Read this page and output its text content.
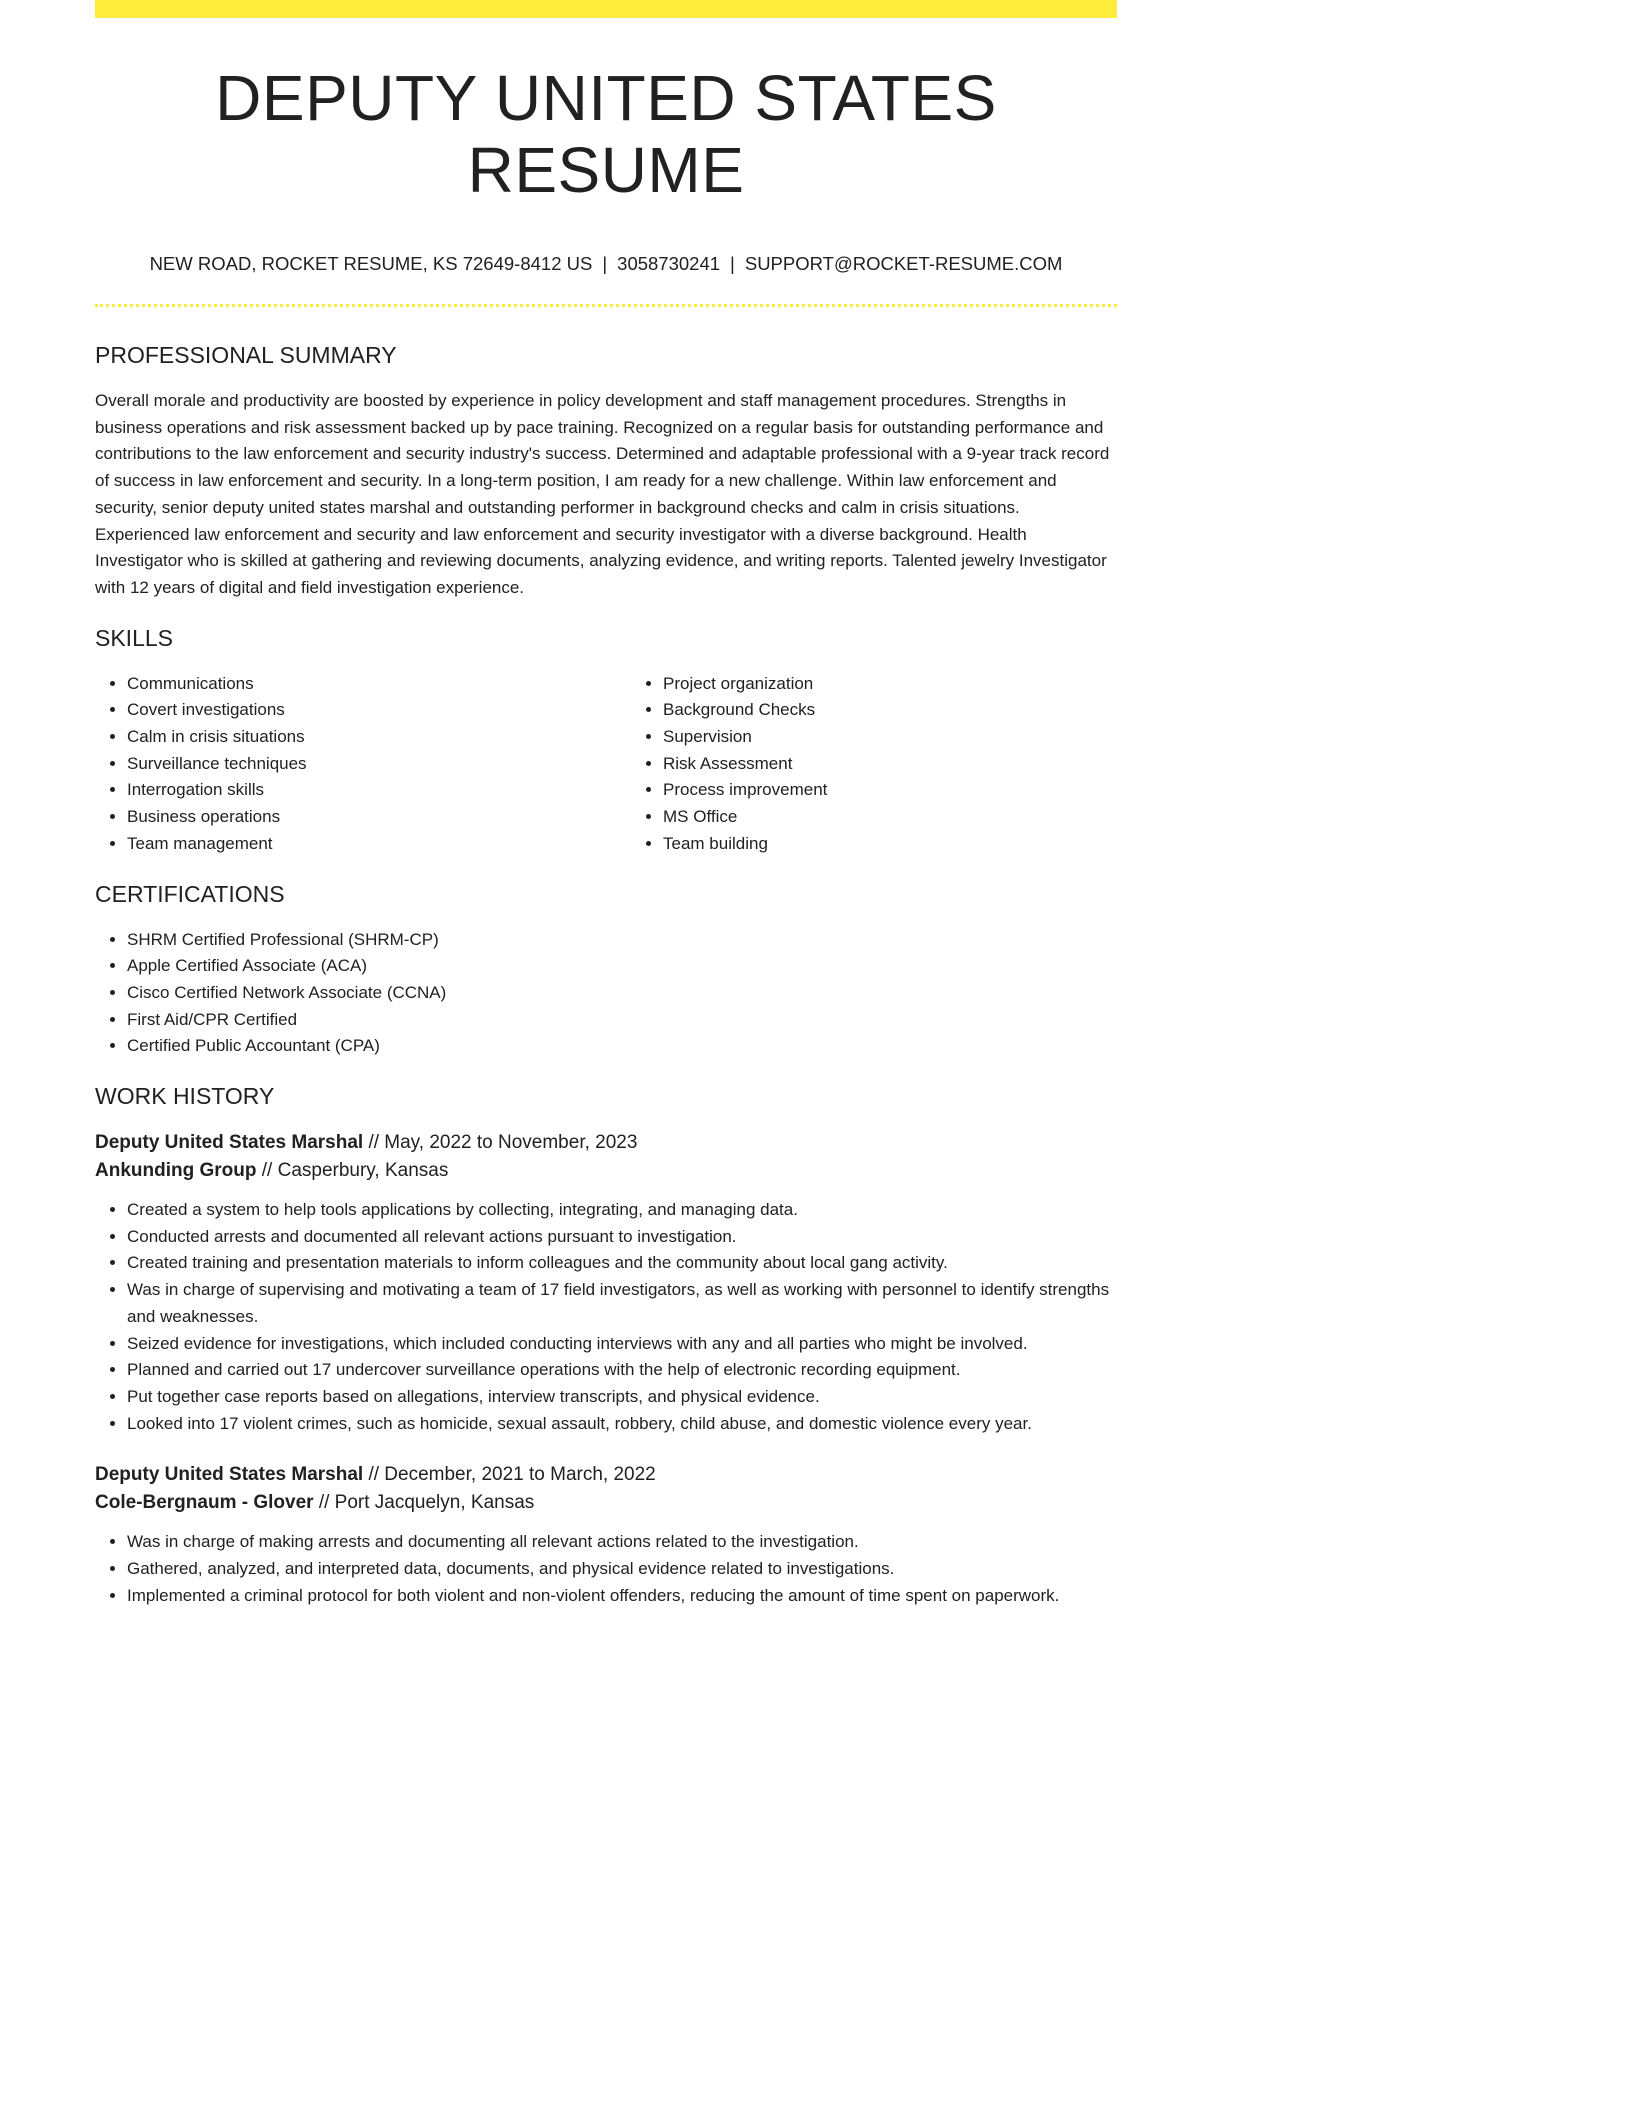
DEPUTY UNITED STATES RESUME
NEW ROAD, ROCKET RESUME, KS 72649-8412 US | 3058730241 | SUPPORT@ROCKET-RESUME.COM
PROFESSIONAL SUMMARY
Overall morale and productivity are boosted by experience in policy development and staff management procedures. Strengths in business operations and risk assessment backed up by pace training. Recognized on a regular basis for outstanding performance and contributions to the law enforcement and security industry's success. Determined and adaptable professional with a 9-year track record of success in law enforcement and security. In a long-term position, I am ready for a new challenge. Within law enforcement and security, senior deputy united states marshal and outstanding performer in background checks and calm in crisis situations. Experienced law enforcement and security and law enforcement and security investigator with a diverse background. Health Investigator who is skilled at gathering and reviewing documents, analyzing evidence, and writing reports. Talented jewelry Investigator with 12 years of digital and field investigation experience.
SKILLS
• Communications
• Covert investigations
• Calm in crisis situations
• Surveillance techniques
• Interrogation skills
• Business operations
• Team management
• Project organization
• Background Checks
• Supervision
• Risk Assessment
• Process improvement
• MS Office
• Team building
CERTIFICATIONS
• SHRM Certified Professional (SHRM-CP)
• Apple Certified Associate (ACA)
• Cisco Certified Network Associate (CCNA)
• First Aid/CPR Certified
• Certified Public Accountant (CPA)
WORK HISTORY
Deputy United States Marshal // May, 2022 to November, 2023
Ankunding Group // Casperbury, Kansas
• Created a system to help tools applications by collecting, integrating, and managing data.
• Conducted arrests and documented all relevant actions pursuant to investigation.
• Created training and presentation materials to inform colleagues and the community about local gang activity.
• Was in charge of supervising and motivating a team of 17 field investigators, as well as working with personnel to identify strengths and weaknesses.
• Seized evidence for investigations, which included conducting interviews with any and all parties who might be involved.
• Planned and carried out 17 undercover surveillance operations with the help of electronic recording equipment.
• Put together case reports based on allegations, interview transcripts, and physical evidence.
• Looked into 17 violent crimes, such as homicide, sexual assault, robbery, child abuse, and domestic violence every year.
Deputy United States Marshal // December, 2021 to March, 2022
Cole-Bergnaum - Glover // Port Jacquelyn, Kansas
• Was in charge of making arrests and documenting all relevant actions related to the investigation.
• Gathered, analyzed, and interpreted data, documents, and physical evidence related to investigations.
• Implemented a criminal protocol for both violent and non-violent offenders, reducing the amount of time spent on paperwork.
